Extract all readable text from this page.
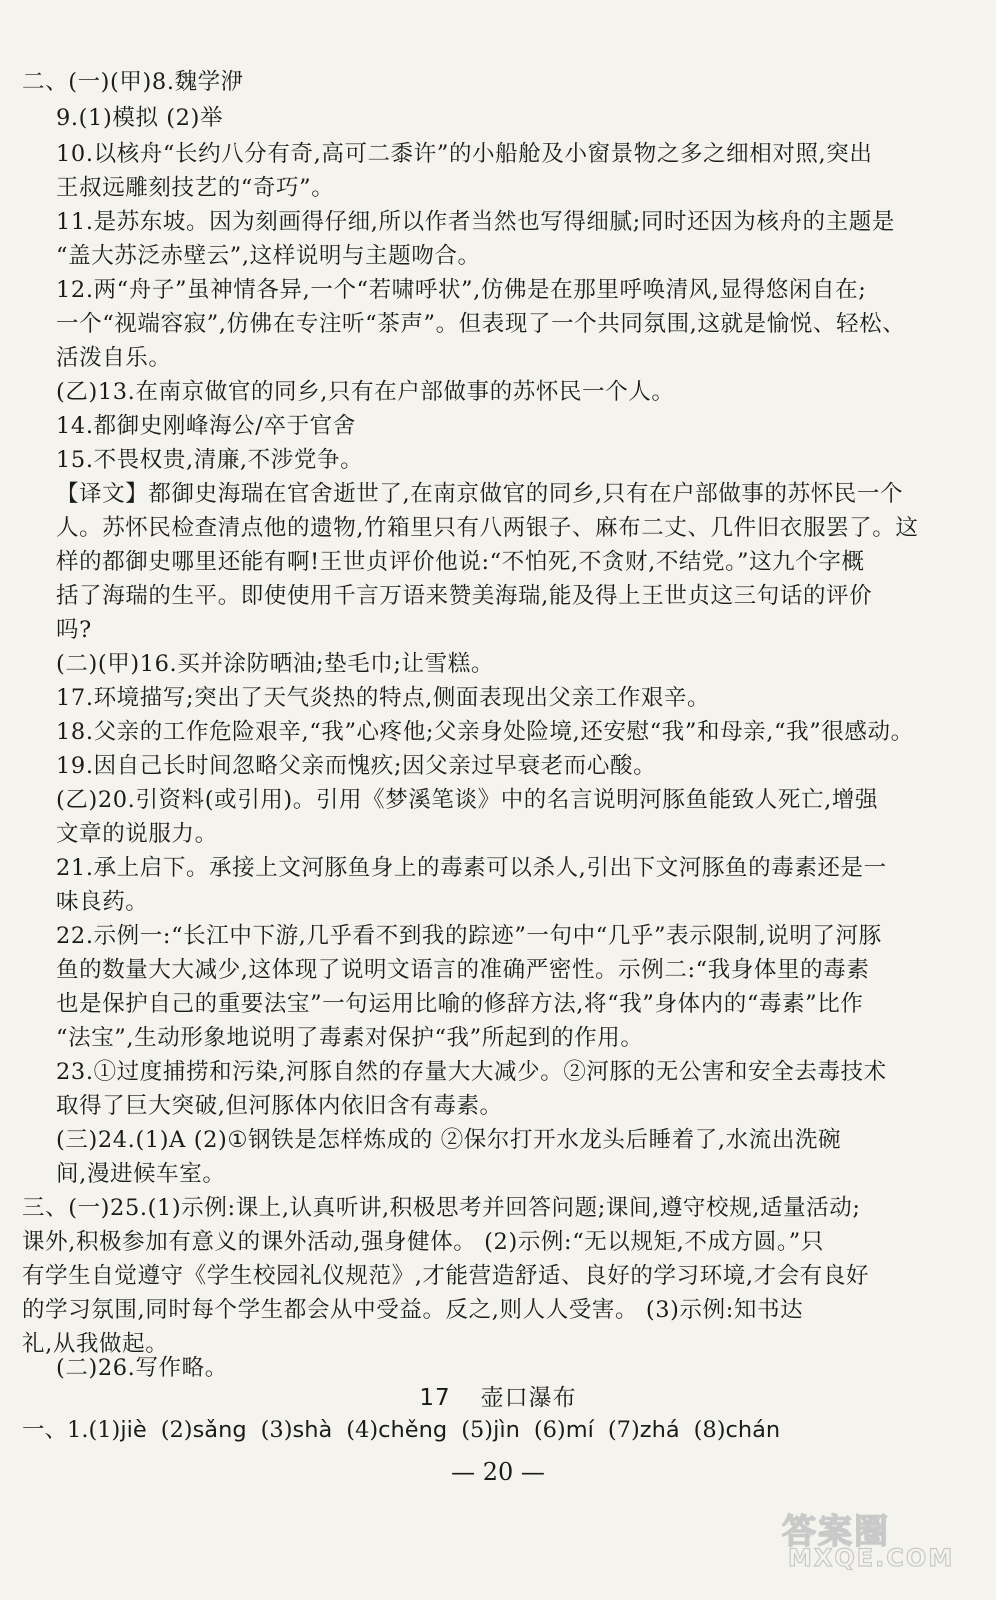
二、(一)(甲)8.魏学洢
9.(1)模拟 (2)举
10.以核舟“长约八分有奇,高可二黍许”的小船舱及小窗景物之多之细相对照,突出
王叔远雕刻技艺的“奇巧”。
11.是苏东坡。因为刻画得仔细,所以作者当然也写得细腻;同时还因为核舟的主题是
“盖大苏泛赤壁云”,这样说明与主题吻合。
12.两“舟子”虽神情各异,一个“若啸呼状”,仿佛是在那里呼唤清风,显得悠闲自在;
一个“视端容寂”,仿佛在专注听“茶声”。但表现了一个共同氛围,这就是愉悦、轻松、
活泼自乐。
(乙)13.在南京做官的同乡,只有在户部做事的苏怀民一个人。
14.都御史刚峰海公/卒于官舍
15.不畏权贵,清廉,不涉党争。
【译文】都御史海瑞在官舍逝世了,在南京做官的同乡,只有在户部做事的苏怀民一个
人。苏怀民检查清点他的遗物,竹箱里只有八两银子、麻布二丈、几件旧衣服罢了。这
样的都御史哪里还能有啊!王世贞评价他说:“不怕死,不贪财,不结党。”这九个字概
括了海瑞的生平。即使使用千言万语来赞美海瑞,能及得上王世贞这三句话的评价
吗?
(二)(甲)16.买并涂防晒油;垫毛巾;让雪糕。
17.环境描写;突出了天气炎热的特点,侧面表现出父亲工作艰辛。
18.父亲的工作危险艰辛,“我”心疼他;父亲身处险境,还安慰“我”和母亲,“我”很感动。
19.因自己长时间忽略父亲而愧疚;因父亲过早衰老而心酸。
(乙)20.引资料(或引用)。引用《梦溪笔谈》中的名言说明河豚鱼能致人死亡,增强
文章的说服力。
21.承上启下。承接上文河豚鱼身上的毒素可以杀人,引出下文河豚鱼的毒素还是一
味良药。
22.示例一:“长江中下游,几乎看不到我的踪迹”一句中“几乎”表示限制,说明了河豚
鱼的数量大大减少,这体现了说明文语言的准确严密性。示例二:“我身体里的毒素
也是保护自己的重要法宝”一句运用比喻的修辞方法,将“我”身体内的“毒素”比作
“法宝”,生动形象地说明了毒素对保护“我”所起到的作用。
23.①过度捕捞和污染,河豚自然的存量大大减少。②河豚的无公害和安全去毒技术
取得了巨大突破,但河豚体内依旧含有毒素。
(三)24.(1)A (2)①钢铁是怎样炼成的 ②保尔打开水龙头后睡着了,水流出洗碗
间,漫进候车室。
三、(一)25.(1)示例:课上,认真听讲,积极思考并回答问题;课间,遵守校规,适量活动;
课外,积极参加有意义的课外活动,强身健体。 (2)示例:“无以规矩,不成方圆。”只
有学生自觉遵守《学生校园礼仪规范》,才能营造舒适、良好的学习环境,才会有良好
的学习氛围,同时每个学生都会从中受益。反之,则人人受害。 (3)示例:知书达
礼,从我做起。
(二)26.写作略。
17 壶口瀑布
一、1.(1)jiè (2)sǎng (3)shà (4)chěng (5)jìn (6)mí (7)zhá (8)chán
— 20 —
答案圈
MXQE.COM
